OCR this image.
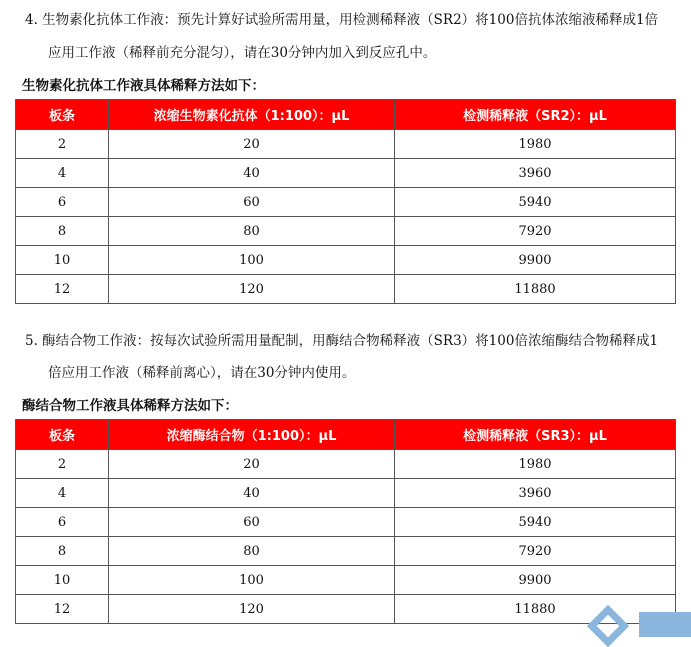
4. 生物素化抗体工作液：预先计算好试验所需用量，用检测稀释液（SR2）将100倍抗体浓缩液稀释成1倍
应用工作液（稀释前充分混匀），请在30分钟内加入到反应孔中。
生物素化抗体工作液具体稀释方法如下：
板条	浓缩生物素化抗体（1:100）：μL	检测稀释液（SR2）：μL
2	20	1980
4	40	3960
6	60	5940
8	80	7920
10	100	9900
12	120	11880
5. 酶结合物工作液：按每次试验所需用量配制，用酶结合物稀释液（SR3）将100倍浓缩酶结合物稀释成1
倍应用工作液（稀释前离心），请在30分钟内使用。
酶结合物工作液具体稀释方法如下：
板条	浓缩酶结合物（1:100）：μL	检测稀释液（SR3）：μL
2	20	1980
4	40	3960
6	60	5940
8	80	7920
10	100	9900
12	120	11880
